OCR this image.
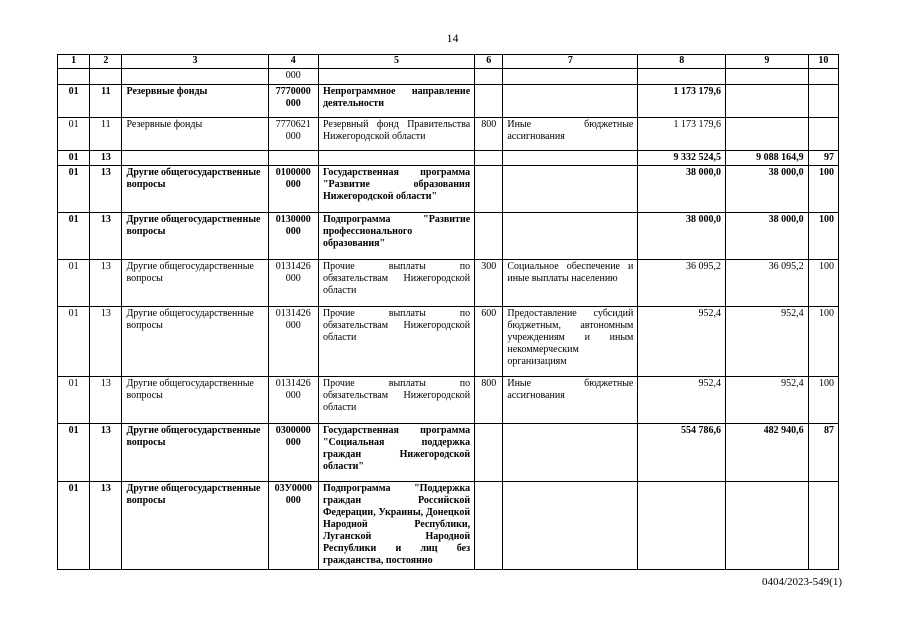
14
1	2	3	4	5	6	7	8	9	10
			000						
01	11	Резервные фонды	7770000 000	Непрограммное направление деятельности			1 173 179,6		
01	11	Резервные фонды	7770621 000	Резервный фонд Правительства Нижегородской области	800	Иные бюджетные ассигнования	1 173 179,6		
01	13						9 332 524,5	9 088 164,9	97
01	13	Другие общегосударственные вопросы	0100000 000	Государственная программа "Развитие образования Нижегородской области"			38 000,0	38 000,0	100
01	13	Другие общегосударственные вопросы	0130000 000	Подпрограмма "Развитие профессионального образования"			38 000,0	38 000,0	100
01	13	Другие общегосударственные вопросы	0131426 000	Прочие выплаты по обязательствам Нижегородской области	300	Социальное обеспечение и иные выплаты населению	36 095,2	36 095,2	100
01	13	Другие общегосударственные вопросы	0131426 000	Прочие выплаты по обязательствам Нижегородской области	600	Предоставление субсидий бюджетным, автономным учреждениям и иным некоммерческим организациям	952,4	952,4	100
01	13	Другие общегосударственные вопросы	0131426 000	Прочие выплаты по обязательствам Нижегородской области	800	Иные бюджетные ассигнования	952,4	952,4	100
01	13	Другие общегосударственные вопросы	0300000 000	Государственная программа "Социальная поддержка граждан Нижегородской области"			554 786,6	482 940,6	87
01	13	Другие общегосударственные вопросы	03У0000 000	Подпрограмма "Поддержка граждан Российской Федерации, Украины, Донецкой Народной Республики, Луганской Народной Республики и лиц без гражданства, постоянно					
0404/2023-549(1)
